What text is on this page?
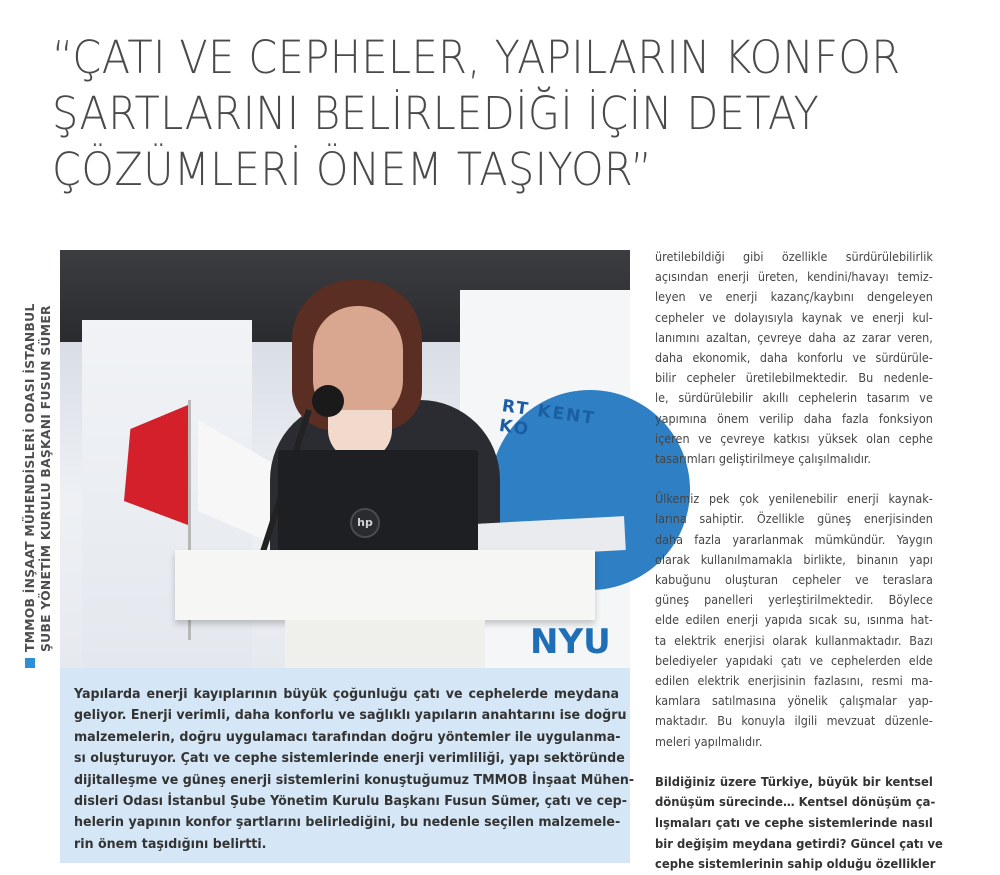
“ÇATI VE CEPHELER, YAPILARIN KONFOR
ŞARTLARINI BELİRLEDİĞİ İÇİN DETAY
ÇÖZÜMLERİ ÖNEM TAŞIYOR”
TMMOB İNŞAAT MÜHENDİSLERİ ODASI İSTANBUL ŞUBE YÖNETİM KURULU BAŞKANI FUSUN SÜMER	RT KENT KO
NYU
hp
Yapılarda enerji kayıplarının büyük çoğunluğu çatı ve cephelerde meydana
geliyor. Enerji verimli, daha konforlu ve sağlıklı yapıların anahtarını ise doğru
malzemelerin, doğru uygulamacı tarafından doğru yöntemler ile uygulanma-
sı oluşturuyor. Çatı ve cephe sistemlerinde enerji verimliliği, yapı sektöründe
dijitalleşme ve güneş enerji sistemlerini konuştuğumuz TMMOB İnşaat Mühen-
disleri Odası İstanbul Şube Yönetim Kurulu Başkanı Fusun Sümer, çatı ve cep-
helerin yapının konfor şartlarını belirlediğini, bu nedenle seçilen malzemele-
rin önem taşıdığını belirtti.
üretilebildiği gibi özellikle sürdürülebilirlik
açısından enerji üreten, kendini/havayı temiz-
leyen ve enerji kazanç/kaybını dengeleyen
cepheler ve dolayısıyla kaynak ve enerji kul-
lanımını azaltan, çevreye daha az zarar veren,
daha ekonomik, daha konforlu ve sürdürüle-
bilir cepheler üretilebilmektedir. Bu nedenle-
le, sürdürülebilir akıllı cephelerin tasarım ve
yapımına önem verilip daha fazla fonksiyon
içeren ve çevreye katkısı yüksek olan cephe
tasarımları geliştirilmeye çalışılmalıdır.
Ülkemiz pek çok yenilenebilir enerji kaynak-
larına sahiptir. Özellikle güneş enerjisinden
daha fazla yararlanmak mümkündür. Yaygın
olarak kullanılmamakla birlikte, binanın yapı
kabuğunu oluşturan cepheler ve teraslara
güneş panelleri yerleştirilmektedir. Böylece
elde edilen enerji yapıda sıcak su, ısınma hat-
ta elektrik enerjisi olarak kullanmaktadır. Bazı
belediyeler yapıdaki çatı ve cephelerden elde
edilen elektrik enerjisinin fazlasını, resmi ma-
kamlara satılmasına yönelik çalışmalar yap-
maktadır. Bu konuyla ilgili mevzuat düzenle-
meleri yapılmalıdır.
Bildiğiniz üzere Türkiye, büyük bir kentsel
dönüşüm sürecinde… Kentsel dönüşüm ça-
lışmaları çatı ve cephe sistemlerinde nasıl
bir değişim meydana getirdi? Güncel çatı ve
cephe sistemlerinin sahip olduğu özellikler
